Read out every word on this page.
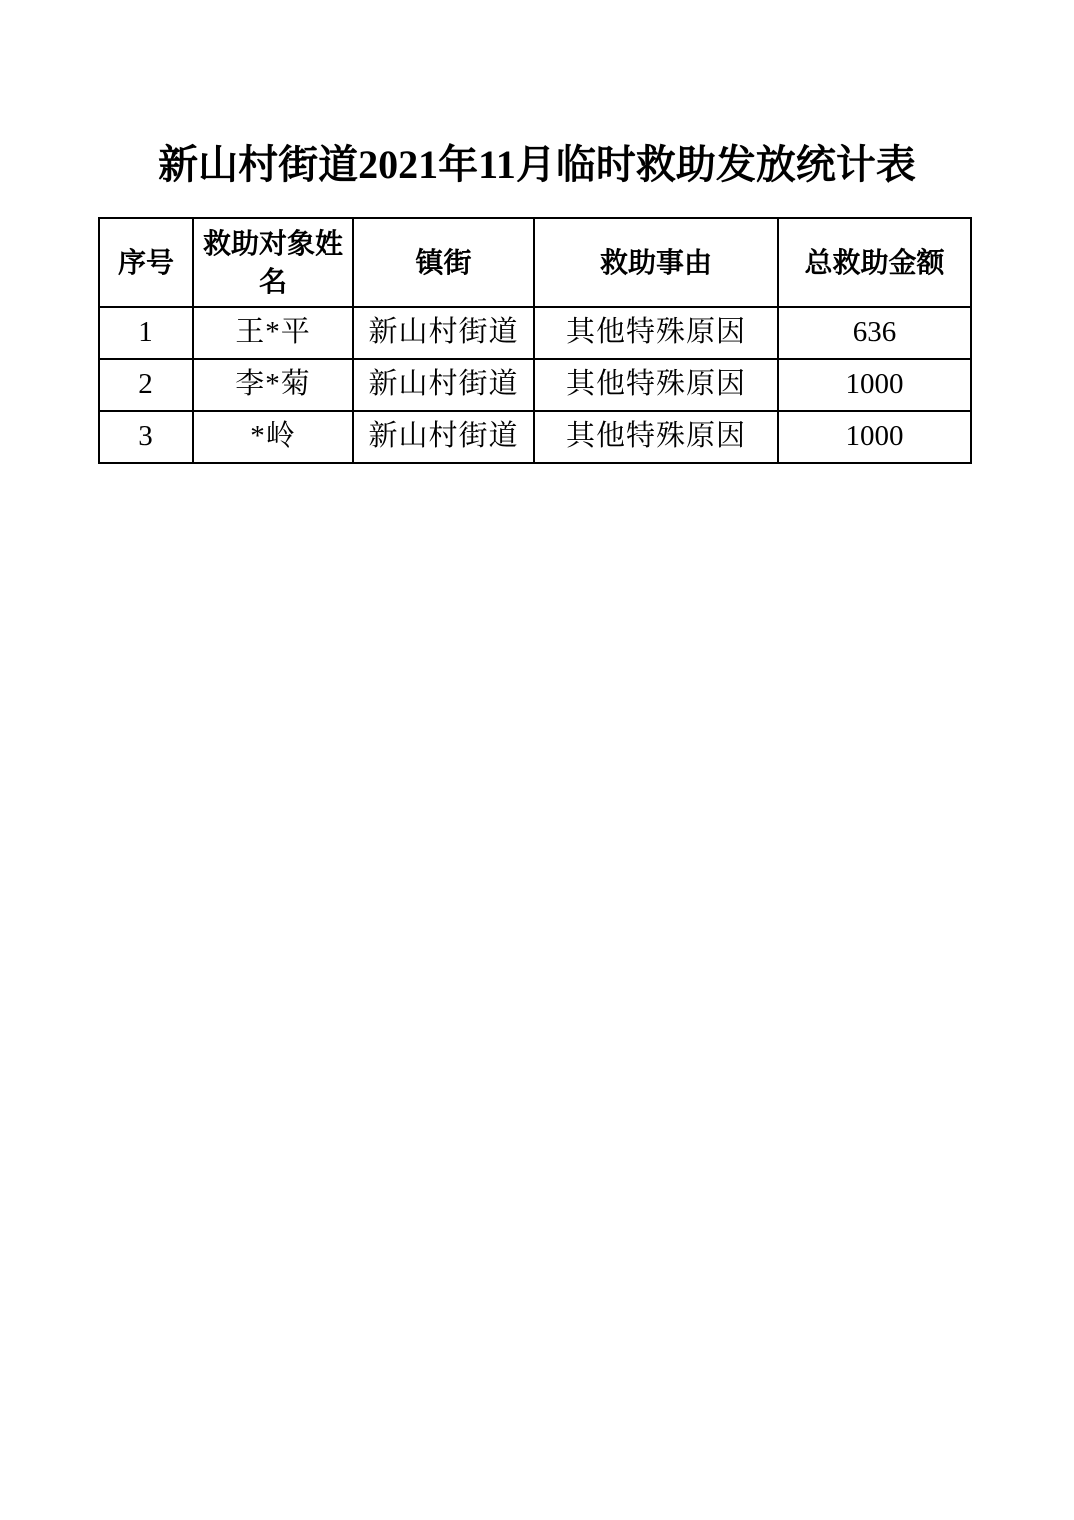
新山村街道2021年11月临时救助发放统计表
序号	救助对象姓名	镇街	救助事由	总救助金额
1	王*平	新山村街道	其他特殊原因	636
2	李*菊	新山村街道	其他特殊原因	1000
3	*岭	新山村街道	其他特殊原因	1000
